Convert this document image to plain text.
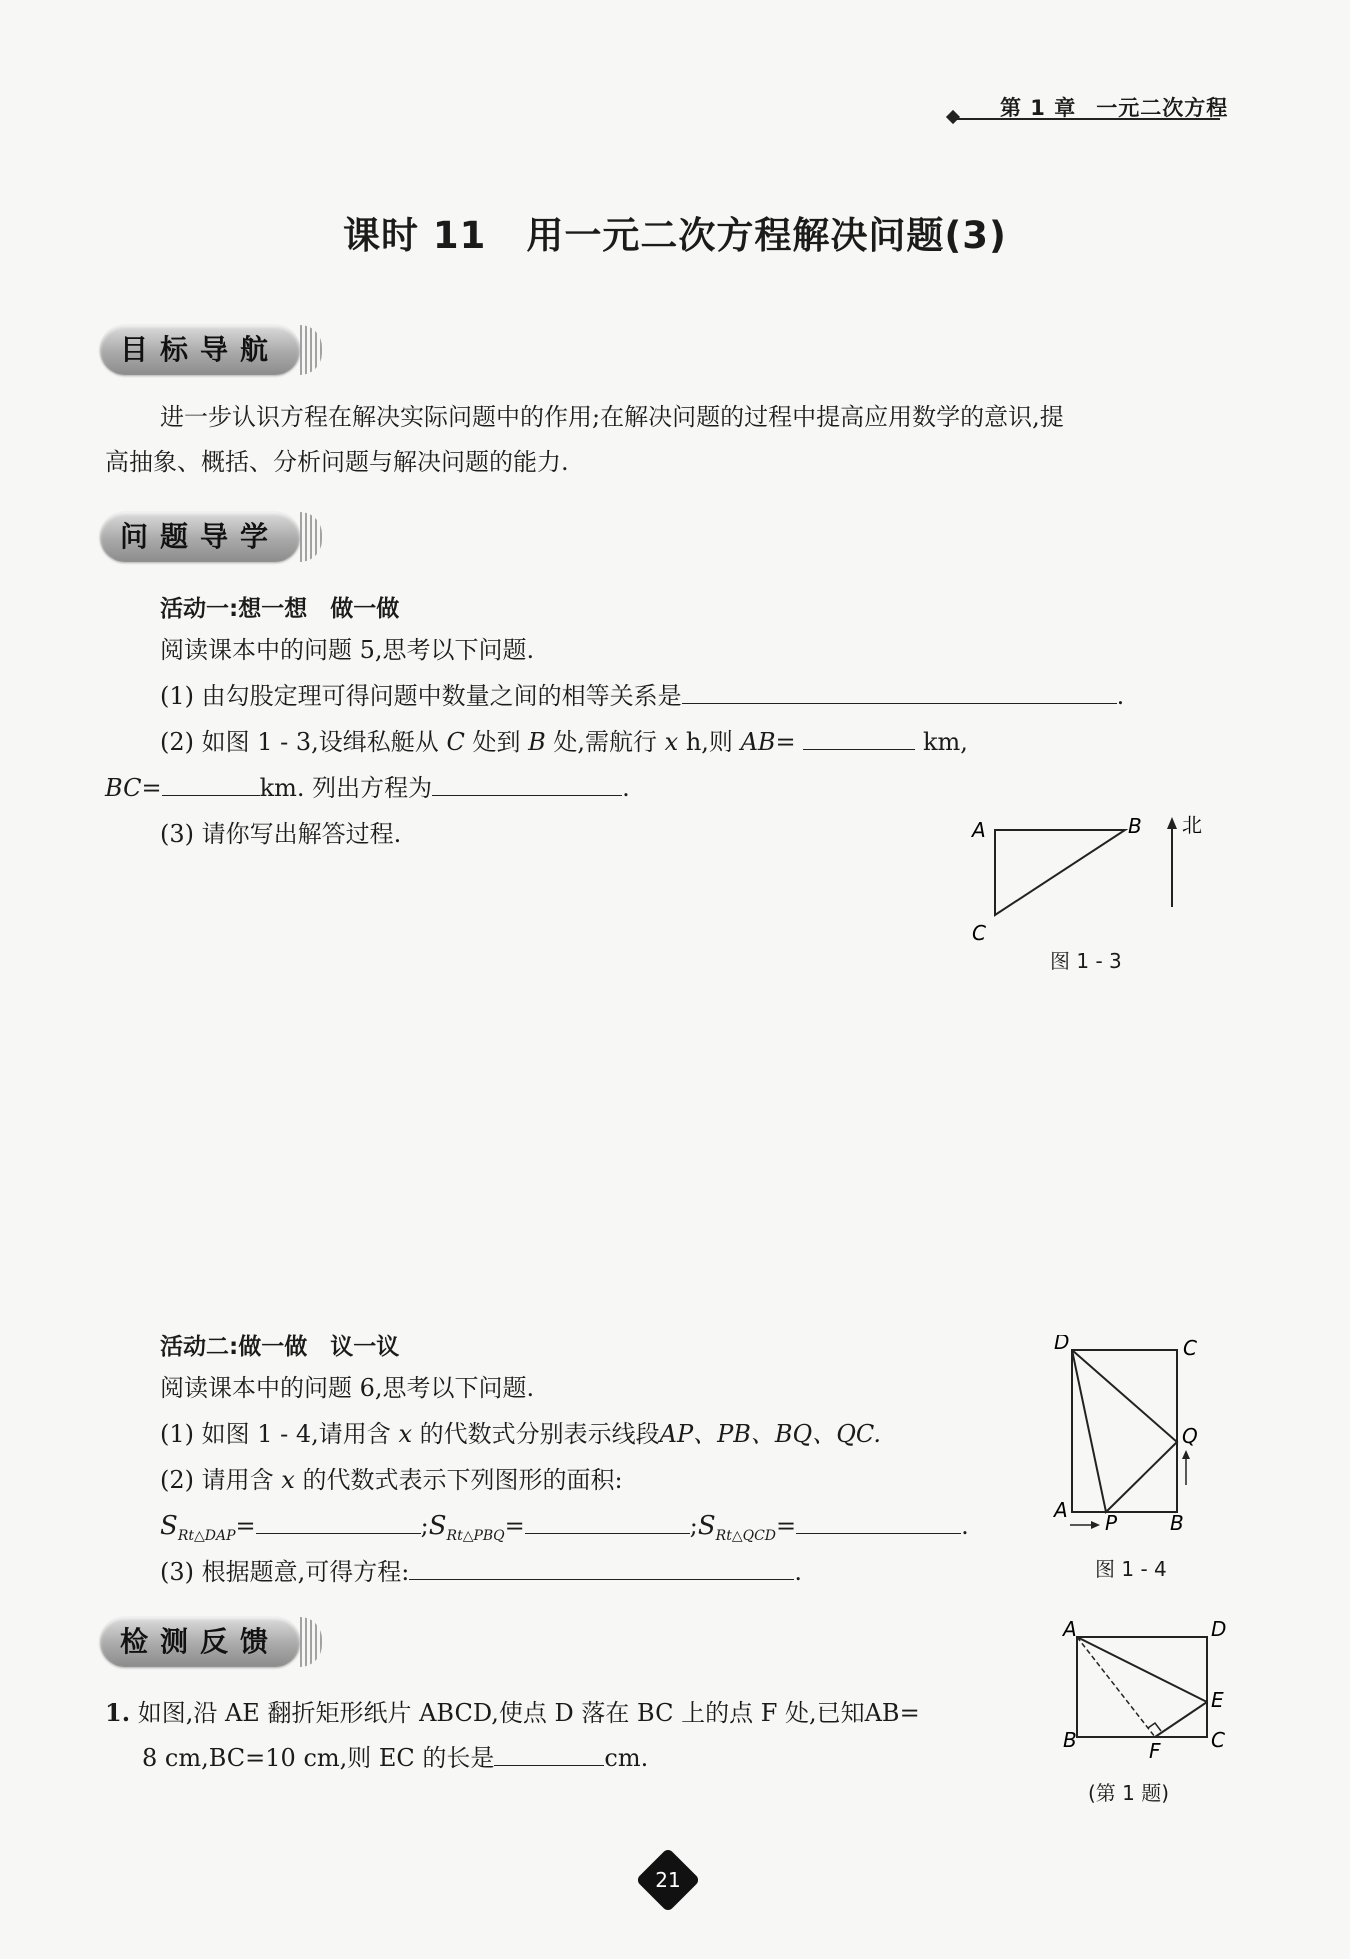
第 1 章 一元二次方程
课时 11 用一元二次方程解决问题(3)
目标导航
进一步认识方程在解决实际问题中的作用;在解决问题的过程中提高应用数学的意识,提
高抽象、概括、分析问题与解决问题的能力.
问题导学
活动一:想一想　做一做
阅读课本中的问题 5,思考以下问题.
(1) 由勾股定理可得问题中数量之间的相等关系是	.
(2) 如图 1 - 3,设缉私艇从 C 处到 B 处,需航行 x h,则 AB=	km,
BC=	km. 列出方程为	.
(3) 请你写出解答过程.	A	B
C
北
图 1 - 3
活动二:做一做　议一议
阅读课本中的问题 6,思考以下问题.
(1) 如图 1 - 4,请用含 x 的代数式分别表示线段AP、PB、BQ、QC.
(2) 请用含 x 的代数式表示下列图形的面积:
$S_{Rt\triangle DAP}=$	$;S_{Rt\triangle PBQ}=$	$;S_{Rt\triangle QCD}=$	.
(3) 根据题意,可得方程:	.
D	C
Q
A
P	B
图 1 - 4
检测反馈
1. 如图,沿 AE 翻折矩形纸片 ABCD,使点 D 落在 BC 上的点 F 处,已知AB=
8 cm,BC=10 cm,则 EC 的长是	cm.
A	D
E
C
B	F
(第 1 题)
21
